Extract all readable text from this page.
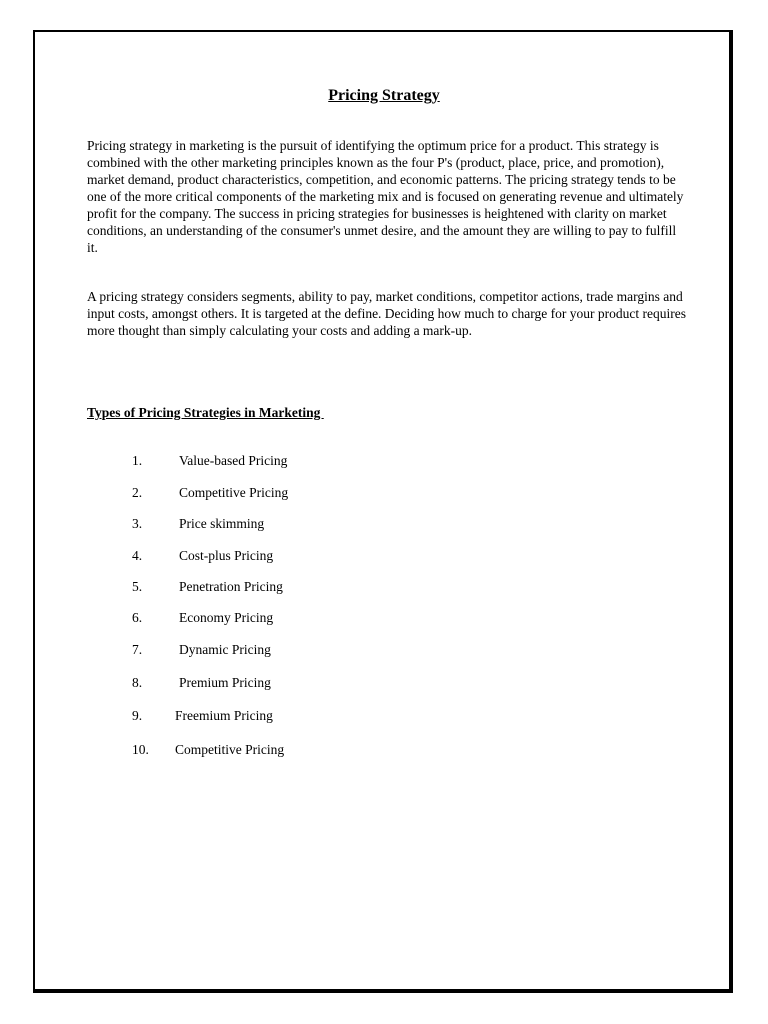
Pricing Strategy

Pricing strategy in marketing is the pursuit of identifying the optimum price for a product. This strategy is combined with the other marketing principles known as the four P's (product, place, price, and promotion), market demand, product characteristics, competition, and economic patterns. The pricing strategy tends to be one of the more critical components of the marketing mix and is focused on generating revenue and ultimately profit for the company. The success in pricing strategies for businesses is heightened with clarity on market conditions, an understanding of the consumer's unmet desire, and the amount they are willing to pay to fulfill it.

A pricing strategy considers segments, ability to pay, market conditions, competitor actions, trade margins and input costs, amongst others. It is targeted at the define. Deciding how much to charge for your product requires more thought than simply calculating your costs and adding a mark-up.

Types of Pricing Strategies in Marketing
1.	Value-based Pricing
2.	Competitive Pricing
3.	Price skimming
4.	Cost-plus Pricing
5.	Penetration Pricing
6.	Economy Pricing
7.	Dynamic Pricing
8.	Premium Pricing
9. Freemium Pricing
10. Competitive Pricing
